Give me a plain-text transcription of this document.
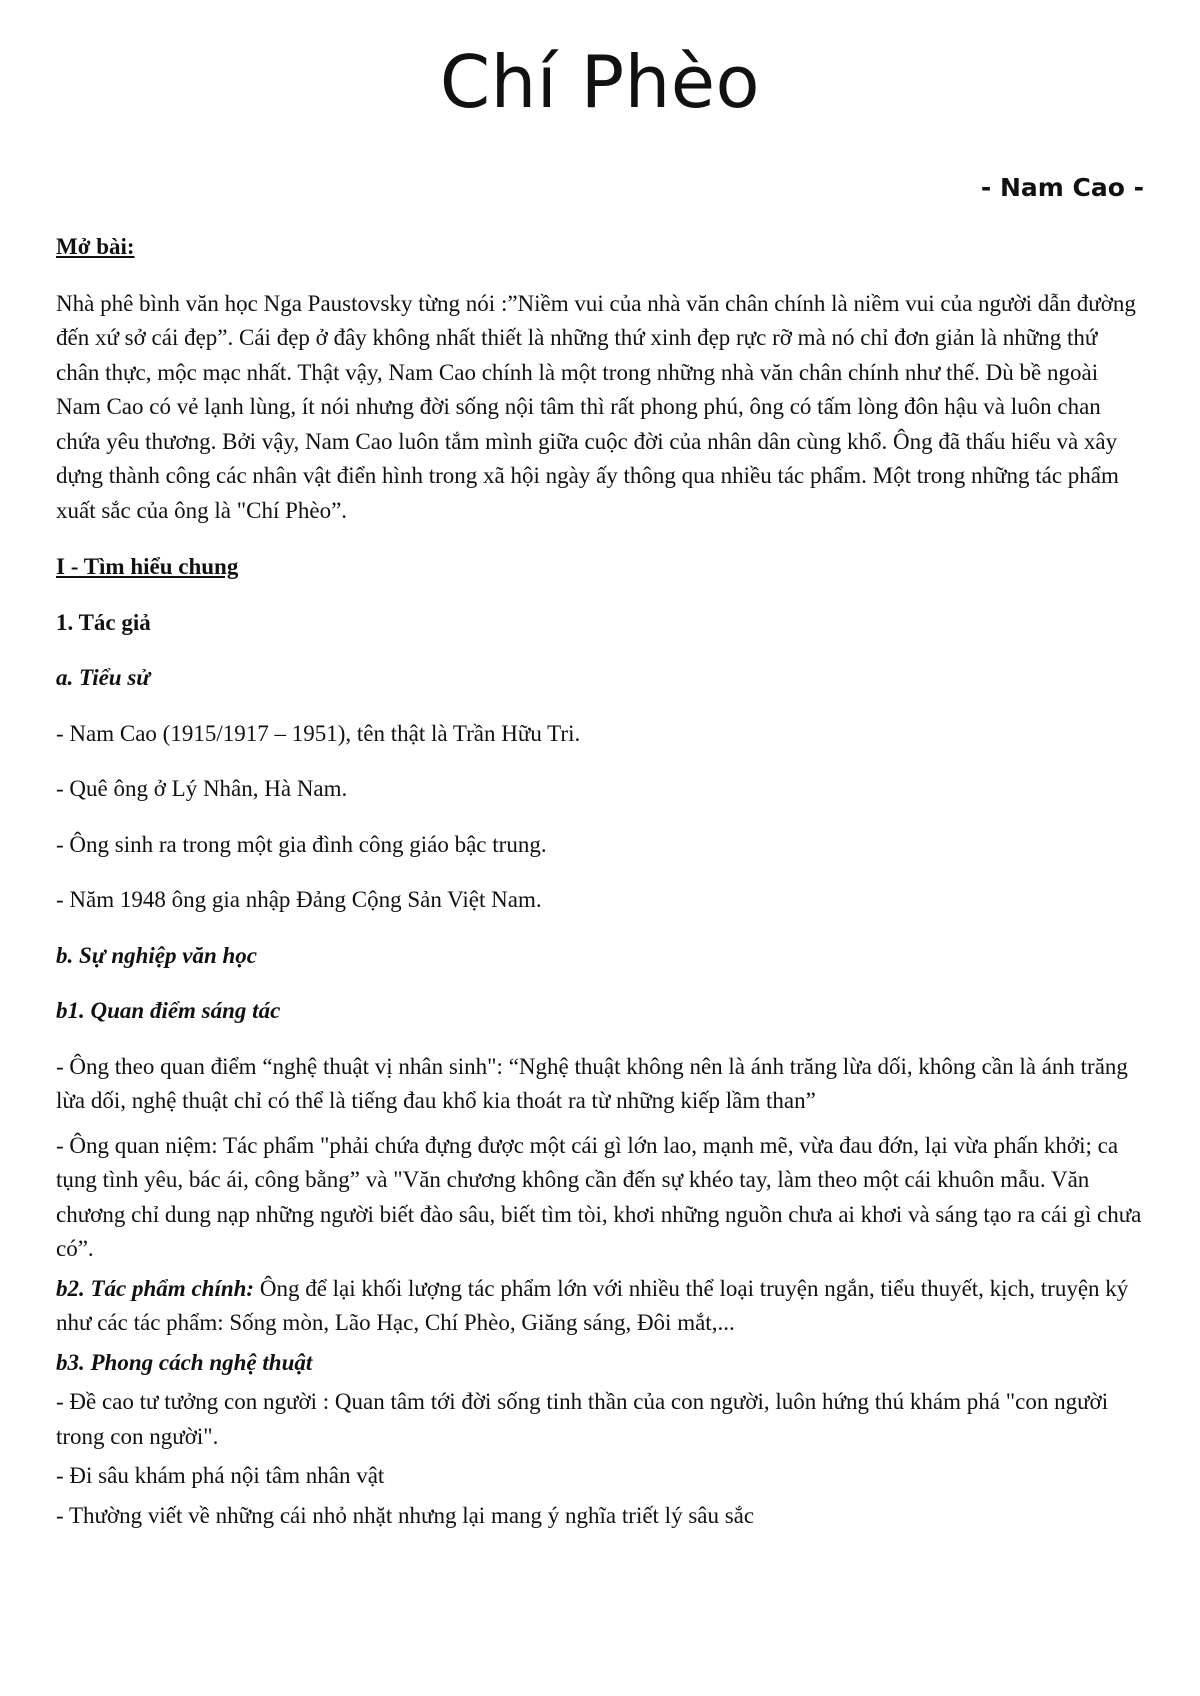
Chí Phèo

- Nam Cao -

Mở bài:

Nhà phê bình văn học Nga Paustovsky từng nói :”Niềm vui của nhà văn chân chính là niềm vui của người dẫn đường đến xứ sở cái đẹp”. Cái đẹp ở đây không nhất thiết là những thứ xinh đẹp rực rỡ mà nó chỉ đơn giản là những thứ chân thực, mộc mạc nhất. Thật vậy, Nam Cao chính là một trong những nhà văn chân chính như thế. Dù bề ngoài Nam Cao có vẻ lạnh lùng, ít nói nhưng đời sống nội tâm thì rất phong phú, ông có tấm lòng đôn hậu và luôn chan chứa yêu thương. Bởi vậy, Nam Cao luôn tắm mình giữa cuộc đời của nhân dân cùng khổ. Ông đã thấu hiểu và xây dựng thành công các nhân vật điển hình trong xã hội ngày ấy thông qua nhiều tác phẩm. Một trong những tác phẩm xuất sắc của ông là "Chí Phèo”.

I - Tìm hiểu chung

1. Tác giả

a. Tiểu sử

- Nam Cao (1915/1917 – 1951), tên thật là Trần Hữu Tri.

- Quê ông ở Lý Nhân, Hà Nam.

- Ông sinh ra trong một gia đình công giáo bậc trung.

- Năm 1948 ông gia nhập Đảng Cộng Sản Việt Nam.

b. Sự nghiệp văn học

b1. Quan điểm sáng tác

- Ông theo quan điểm “nghệ thuật vị nhân sinh": “Nghệ thuật không nên là ánh trăng lừa dối, không cần là ánh trăng lừa dối, nghệ thuật chỉ có thể là tiếng đau khổ kia thoát ra từ những kiếp lầm than”

- Ông quan niệm: Tác phẩm "phải chứa đựng được một cái gì lớn lao, mạnh mẽ, vừa đau đớn, lại vừa phấn khởi; ca tụng tình yêu, bác ái, công bằng” và "Văn chương không cần đến sự khéo tay, làm theo một cái khuôn mẫu. Văn chương chỉ dung nạp những người biết đào sâu, biết tìm tòi, khơi những nguồn chưa ai khơi và sáng tạo ra cái gì chưa có”.

b2. Tác phẩm chính: Ông để lại khối lượng tác phẩm lớn với nhiều thể loại truyện ngắn, tiểu thuyết, kịch, truyện ký như các tác phẩm: Sống mòn, Lão Hạc, Chí Phèo, Giăng sáng, Đôi mắt,...

b3. Phong cách nghệ thuật

- Đề cao tư tưởng con người : Quan tâm tới đời sống tinh thần của con người, luôn hứng thú khám phá "con người trong con người".

- Đi sâu khám phá nội tâm nhân vật

- Thường viết về những cái nhỏ nhặt nhưng lại mang ý nghĩa triết lý sâu sắc
